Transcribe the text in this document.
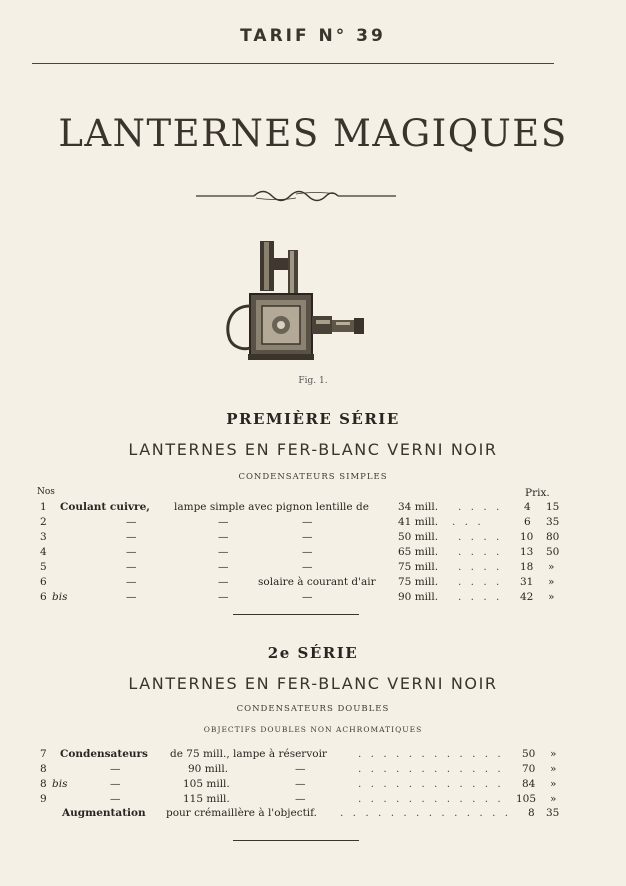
TARIF N° 39
LANTERNES MAGIQUES
Fig. 1.
PREMIÈRE SÉRIE
LANTERNES EN FER-BLANC VERNI NOIR
CONDENSATEURS SIMPLES
Nos	Prix.
1 Coulant cuivre, lampe simple avec pignon lentille de	34 mill. . . . . 4 15
2	—	—	—	41 mill. . . .	6 35
3	—	—	—	50 mill. . . . . 10 80
4	—	—	—	65 mill. . . . . 13 50
5	—	—	—	75 mill. . . . . 18 »
6	—	—	solaire à courant d'air 75 mill. . . . . 31 »
6 bis	—	—	—	90 mill. . . . . 42 »
2e SÉRIE
LANTERNES EN FER-BLANC VERNI NOIR
CONDENSATEURS DOUBLES
OBJECTIFS DOUBLES NON ACHROMATIQUES
7 Condensateurs de 75 mill., lampe à réservoir	. . . . . . . . . . . . 50 »
8	—	90 mill.	—	. . . . . . . . . . . . 70 »
8 bis	—	105 mill.	—	. . . . . . . . . . . . 84 »
9	—	115 mill.	—	. . . . . . . . . . . . 105 »
Augmentation pour crémaillère à l'objectif. . . . . . . . . . . . . . . 8 35
